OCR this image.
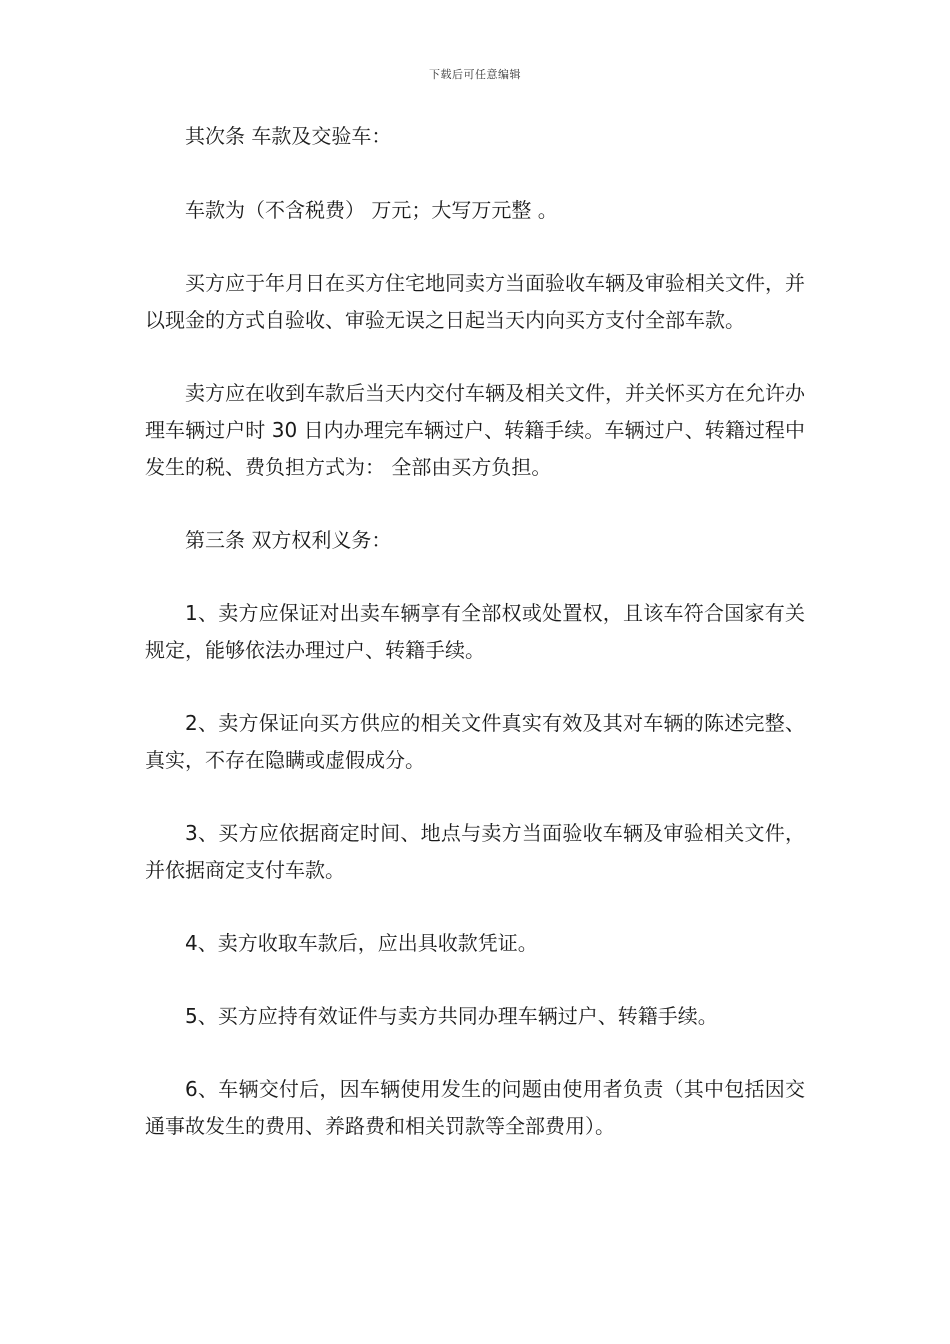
下载后可任意编辑

其次条 车款及交验车：

车款为（不含税费） 万元；大写万元整 。

买方应于年月日在买方住宅地同卖方当面验收车辆及审验相关文件，并以现金的方式自验收、审验无误之日起当天内向买方支付全部车款。

卖方应在收到车款后当天内交付车辆及相关文件，并关怀买方在允许办理车辆过户时 30 日内办理完车辆过户、转籍手续。车辆过户、转籍过程中发生的税、费负担方式为： 全部由买方负担。

第三条 双方权利义务：

1、卖方应保证对出卖车辆享有全部权或处置权，且该车符合国家有关规定，能够依法办理过户、转籍手续。

2、卖方保证向买方供应的相关文件真实有效及其对车辆的陈述完整、真实，不存在隐瞒或虚假成分。

3、买方应依据商定时间、地点与卖方当面验收车辆及审验相关文件，并依据商定支付车款。

4、卖方收取车款后，应出具收款凭证。

5、买方应持有效证件与卖方共同办理车辆过户、转籍手续。

6、车辆交付后，因车辆使用发生的问题由使用者负责（其中包括因交通事故发生的费用、养路费和相关罚款等全部费用）。
